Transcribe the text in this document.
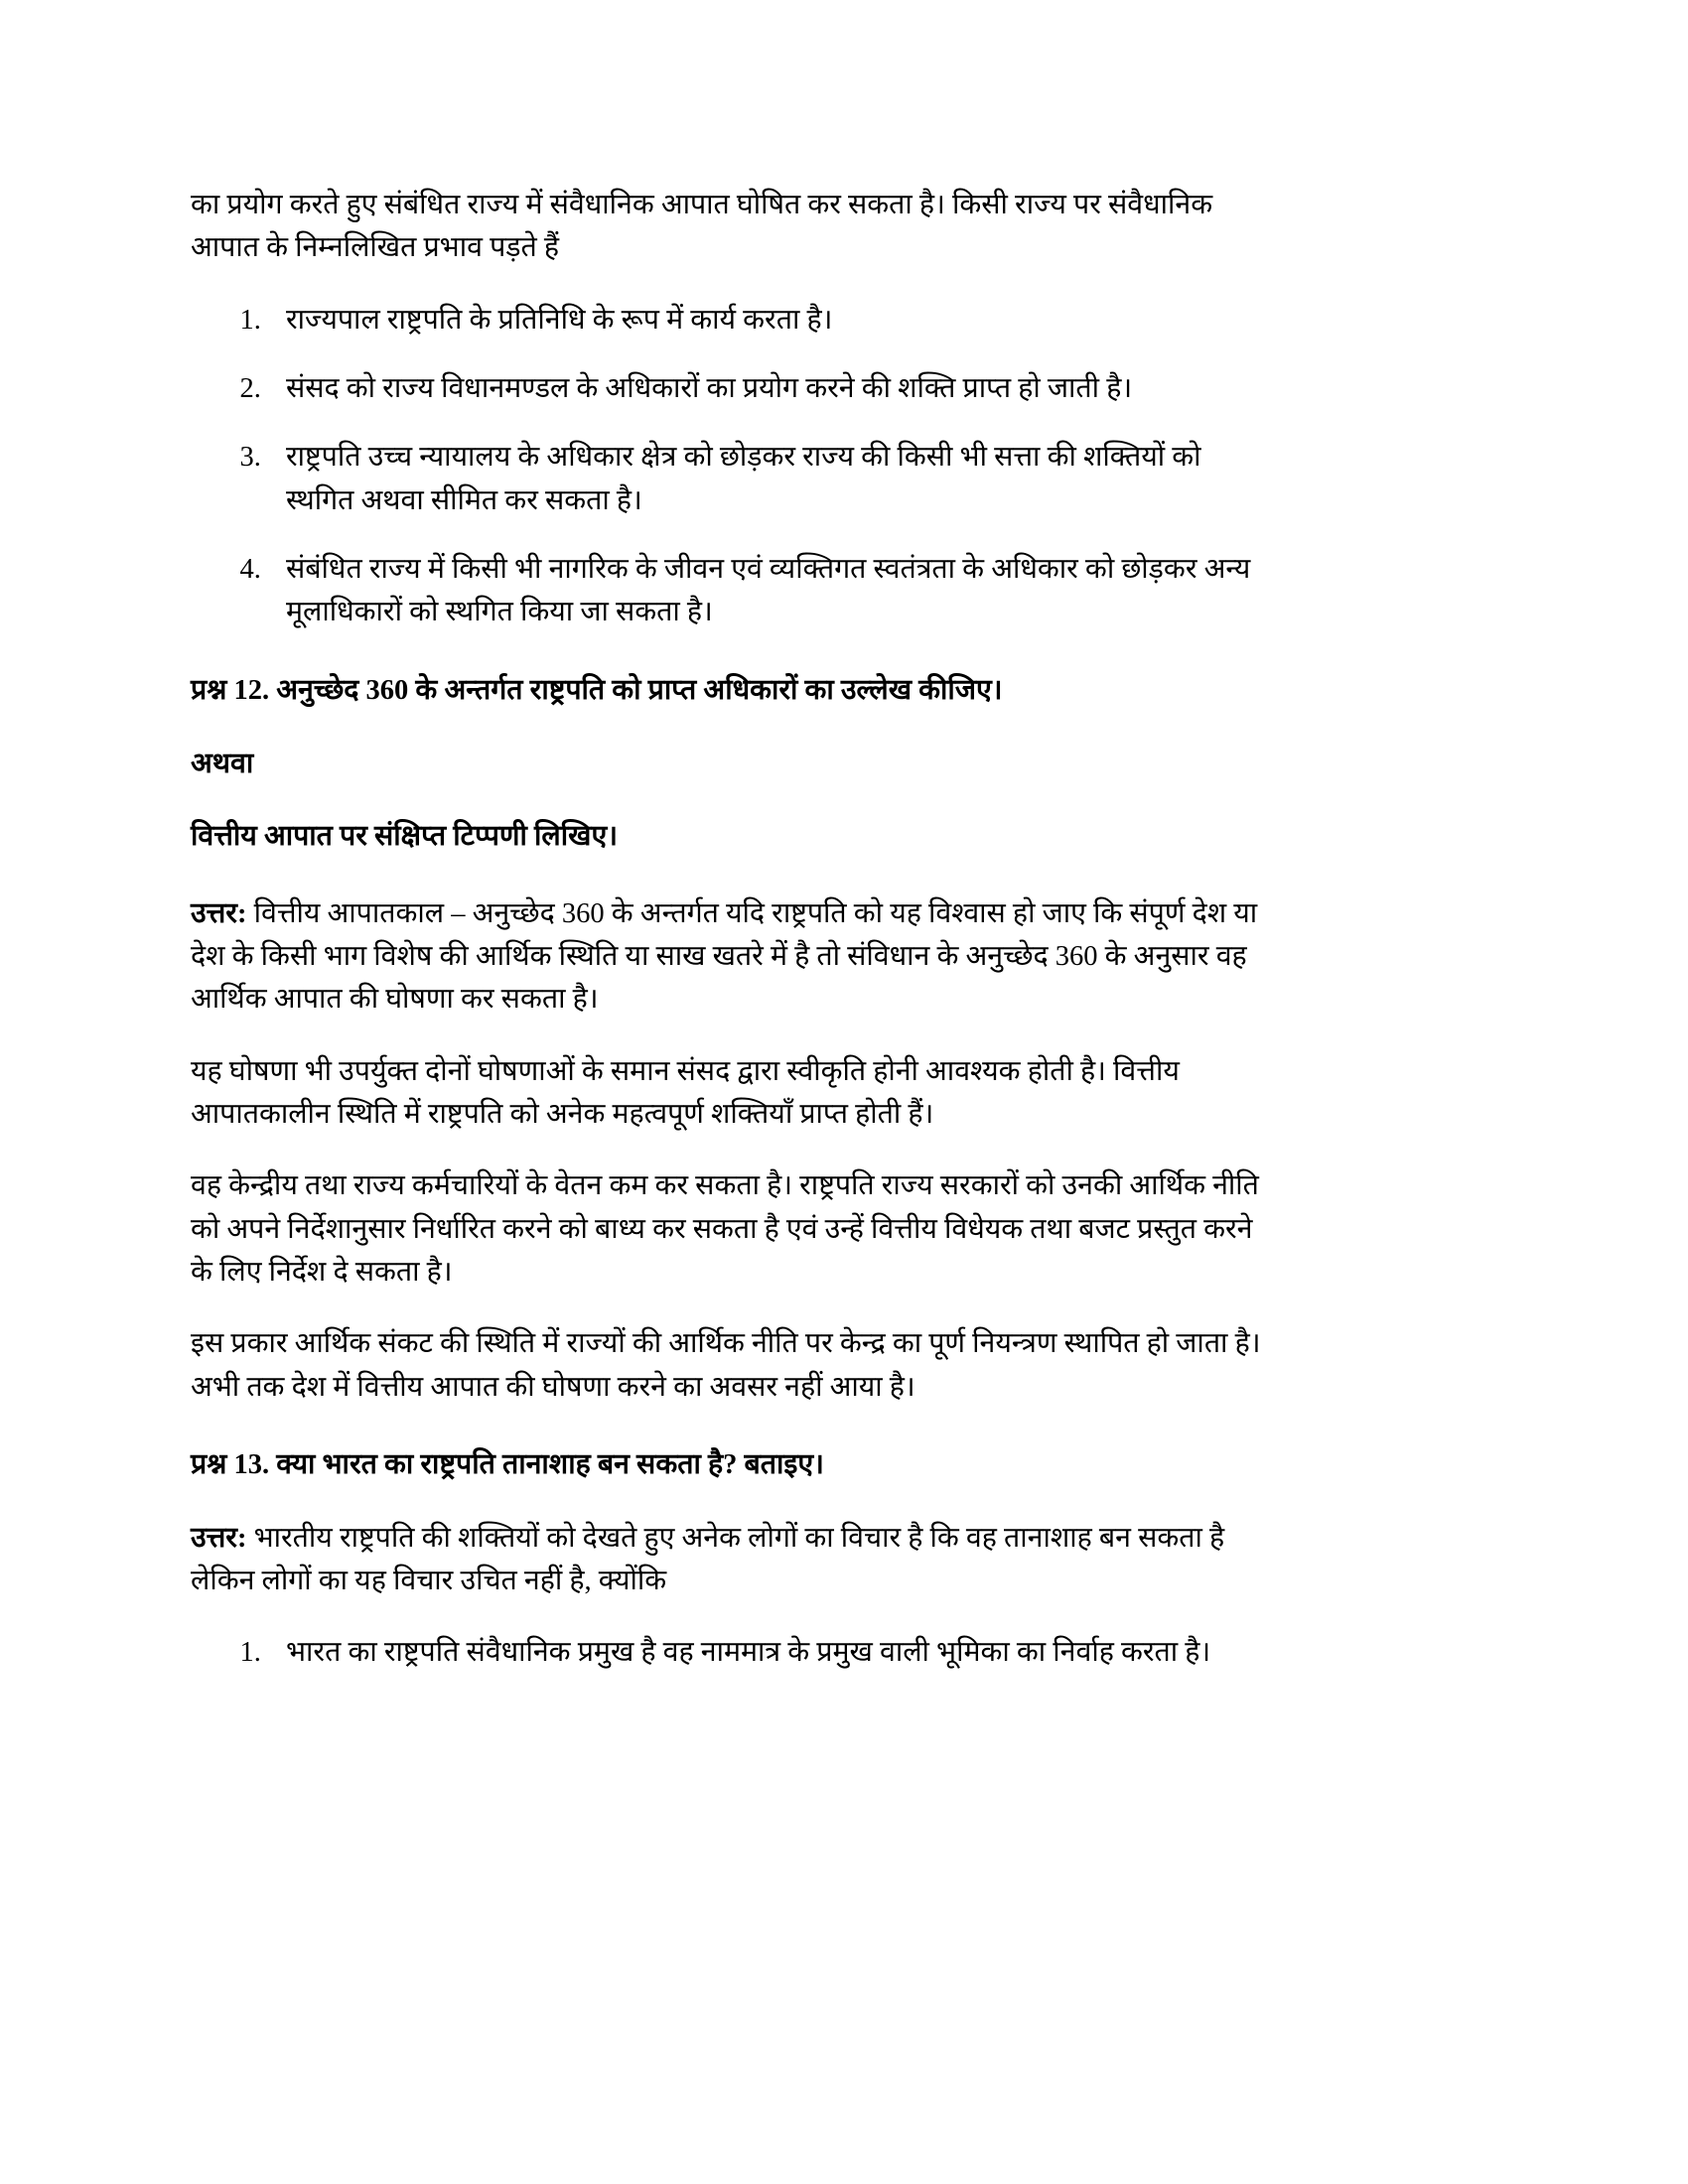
का प्रयोग करते हुए संबंधित राज्य में संवैधानिक आपात घोषित कर सकता है। किसी राज्य पर संवैधानिक आपात के निम्नलिखित प्रभाव पड़ते हैं

1. राज्यपाल राष्ट्रपति के प्रतिनिधि के रूप में कार्य करता है।
2. संसद को राज्य विधानमण्डल के अधिकारों का प्रयोग करने की शक्ति प्राप्त हो जाती है।
3. राष्ट्रपति उच्च न्यायालय के अधिकार क्षेत्र को छोड़कर राज्य की किसी भी सत्ता की शक्तियों को स्थगित अथवा सीमित कर सकता है।
4. संबंधित राज्य में किसी भी नागरिक के जीवन एवं व्यक्तिगत स्वतंत्रता के अधिकार को छोड़कर अन्य मूलाधिकारों को स्थगित किया जा सकता है।

प्रश्न 12. अनुच्छेद 360 के अन्तर्गत राष्ट्रपति को प्राप्त अधिकारों का उल्लेख कीजिए।

अथवा

वित्तीय आपात पर संक्षिप्त टिप्पणी लिखिए।

उत्तर: वित्तीय आपातकाल – अनुच्छेद 360 के अन्तर्गत यदि राष्ट्रपति को यह विश्वास हो जाए कि संपूर्ण देश या देश के किसी भाग विशेष की आर्थिक स्थिति या साख खतरे में है तो संविधान के अनुच्छेद 360 के अनुसार वह आर्थिक आपात की घोषणा कर सकता है।

यह घोषणा भी उपर्युक्त दोनों घोषणाओं के समान संसद द्वारा स्वीकृति होनी आवश्यक होती है। वित्तीय आपातकालीन स्थिति में राष्ट्रपति को अनेक महत्वपूर्ण शक्तियाँ प्राप्त होती हैं।

वह केन्द्रीय तथा राज्य कर्मचारियों के वेतन कम कर सकता है। राष्ट्रपति राज्य सरकारों को उनकी आर्थिक नीति को अपने निर्देशानुसार निर्धारित करने को बाध्य कर सकता है एवं उन्हें वित्तीय विधेयक तथा बजट प्रस्तुत करने के लिए निर्देश दे सकता है।

इस प्रकार आर्थिक संकट की स्थिति में राज्यों की आर्थिक नीति पर केन्द्र का पूर्ण नियन्त्रण स्थापित हो जाता है। अभी तक देश में वित्तीय आपात की घोषणा करने का अवसर नहीं आया है।

प्रश्न 13. क्या भारत का राष्ट्रपति तानाशाह बन सकता है? बताइए।

उत्तर: भारतीय राष्ट्रपति की शक्तियों को देखते हुए अनेक लोगों का विचार है कि वह तानाशाह बन सकता है लेकिन लोगों का यह विचार उचित नहीं है, क्योंकि

1. भारत का राष्ट्रपति संवैधानिक प्रमुख है वह नाममात्र के प्रमुख वाली भूमिका का निर्वाह करता है।
